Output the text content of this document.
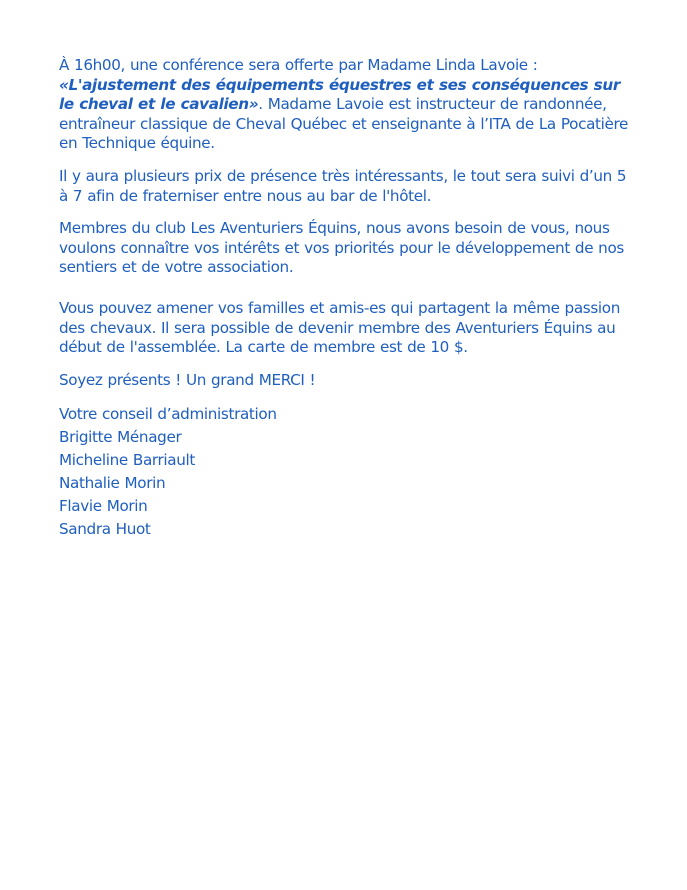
À 16h00, une conférence sera offerte par Madame Linda Lavoie : «L'ajustement des équipements équestres et ses conséquences sur le cheval et le cavalien». Madame Lavoie est instructeur de randonnée, entraîneur classique de Cheval Québec et enseignante à l’ITA de La Pocatière en Technique équine.

Il y aura plusieurs prix de présence très intéressants, le tout sera suivi d’un 5 à 7 afin de fraterniser entre nous au bar de l'hôtel.

Membres du club Les Aventuriers Équins, nous avons besoin de vous, nous voulons connaître vos intérêts et vos priorités pour le développement de nos sentiers et de votre association.

Vous pouvez amener vos familles et amis-es qui partagent la même passion des chevaux. Il sera possible de devenir membre des Aventuriers Équins au début de l'assemblée. La carte de membre est de 10 $.

Soyez présents ! Un grand MERCI !

Votre conseil d’administration

Brigitte Ménager

Micheline Barriault

Nathalie Morin

Flavie Morin

Sandra Huot
